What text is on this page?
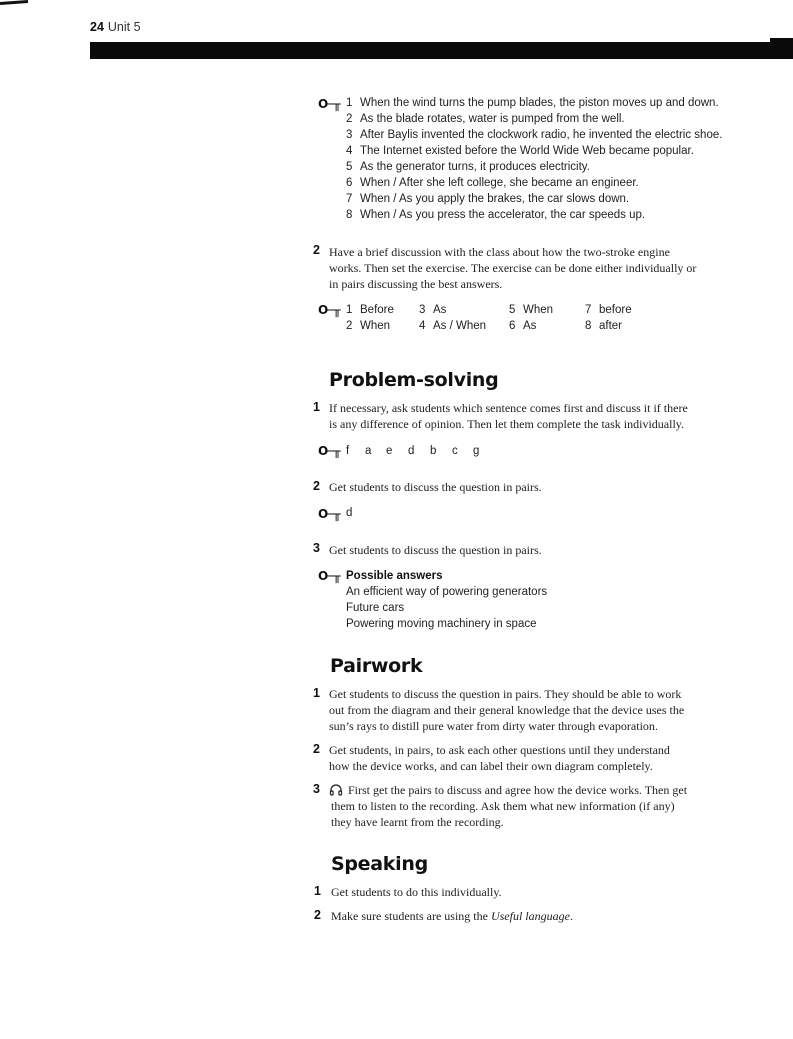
24 Unit 5
O─╥ 1 When the wind turns the pump blades, the piston moves up and down.
2 As the blade rotates, water is pumped from the well.
3 After Baylis invented the clockwork radio, he invented the electric shoe.
4 The Internet existed before the World Wide Web became popular.
5 As the generator turns, it produces electricity.
6 When / After she left college, she became an engineer.
7 When / As you apply the brakes, the car slows down.
8 When / As you press the accelerator, the car speeds up.
2 Have a brief discussion with the class about how the two-stroke engine
works. Then set the exercise. The exercise can be done either individually or
in pairs discussing the best answers.
O─╥ 1 Before 3 As	5 When	7 before
2 When	4 As / When 6 As	8 after
Problem-solving
1 If necessary, ask students which sentence comes first and discuss it if there
is any difference of opinion. Then let them complete the task individually.
O─╥ f a e d b c g
2 Get students to discuss the question in pairs.
O─╥ d
3 Get students to discuss the question in pairs.
O─╥ Possible answers
An efficient way of powering generators
Future cars
Powering moving machinery in space
Pairwork
1 Get students to discuss the question in pairs. They should be able to work
out from the diagram and their general knowledge that the device uses the
sun’s rays to distill pure water from dirty water through evaporation.
2 Get students, in pairs, to ask each other questions until they understand
how the device works, and can label their own diagram completely.
3	First get the pairs to discuss and agree how the device works. Then get
them to listen to the recording. Ask them what new information (if any)
they have learnt from the recording.
Speaking
1 Get students to do this individually.
2 Make sure students are using the Useful language.
